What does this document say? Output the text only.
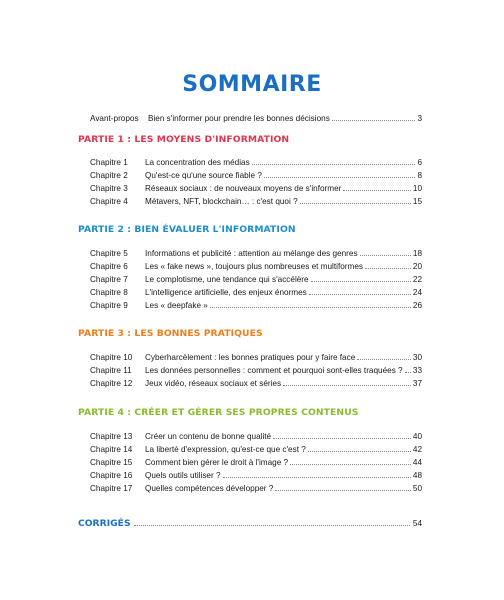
SOMMAIRE
Avant-propos	Bien s'informer pour prendre les bonnes décisions	3
PARTIE 1 : LES MOYENS D'INFORMATION
Chapitre 1	La concentration des médias	6
Chapitre 2	Qu'est-ce qu'une source fiable ?	8
Chapitre 3	Réseaux sociaux : de nouveaux moyens de s'informer	10
Chapitre 4	Métavers, NFT, blockchain… : c'est quoi ?	15
PARTIE 2 : BIEN ÉVALUER L'INFORMATION
Chapitre 5	Informations et publicité : attention au mélange des genres	18
Chapitre 6	Les « fake news », toujours plus nombreuses et multiformes	20
Chapitre 7	Le complotisme, une tendance qui s'accélère	22
Chapitre 8	L'intelligence artificielle, des enjeux énormes	24
Chapitre 9	Les « deepfake »	26
PARTIE 3 : LES BONNES PRATIQUES
Chapitre 10	Cyberharcèlement : les bonnes pratiques pour y faire face	30
Chapitre 11	Les données personnelles : comment et pourquoi sont-elles traquées ? 33
Chapitre 12	Jeux vidéo, réseaux sociaux et séries	37
PARTIE 4 : CRÉER ET GÉRER SES PROPRES CONTENUS
Chapitre 13	Créer un contenu de bonne qualité	40
Chapitre 14	La liberté d'expression, qu'est-ce que c'est ?	42
Chapitre 15	Comment bien gérer le droit à l'image ?	44
Chapitre 16	Quels outils utiliser ?	48
Chapitre 17	Quelles compétences développer ?	50
CORRIGÉS	54
